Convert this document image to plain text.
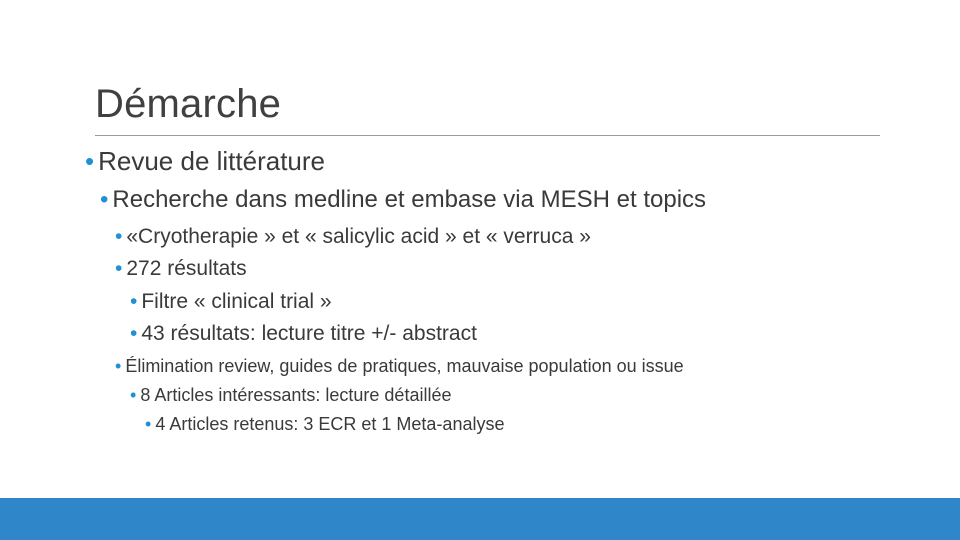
Démarche
• Revue de littérature
• Recherche dans medline et embase via MESH et topics
• «Cryotherapie » et « salicylic acid » et « verruca »
• 272 résultats
• Filtre « clinical trial »
• 43 résultats: lecture titre +/- abstract
• Élimination review, guides de pratiques, mauvaise population ou issue
• 8 Articles intéressants: lecture détaillée
• 4 Articles retenus: 3 ECR et 1 Meta-analyse
